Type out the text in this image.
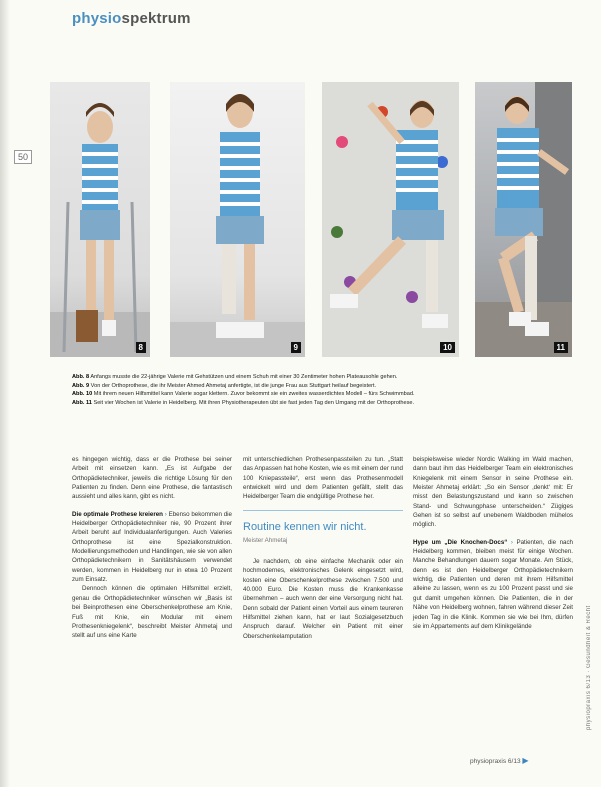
physiospektrum
50
8	9	10	11
Abb. 8 Anfangs musste die 22-jährige Valerie mit Gehstützen und einem Schuh mit einer 30 Zentimeter hohen Plateausohle gehen.
Abb. 9 Von der Orthoprothese, die ihr Meister Ahmed Ahmetaj anfertigte, ist die junge Frau aus Stuttgart heilauf begeistert.
Abb. 10 Mit ihrem neuen Hilfsmittel kann Valerie sogar klettern. Zuvor bekommt sie ein zweites wasserdichtes Modell – fürs Schwimmbad.
Abb. 11 Seit vier Wochen ist Valerie in Heidelberg. Mit ihren Physiotherapeuten übt sie fast jeden Tag den Umgang mit der Orthoprothese.

es hingegen wichtig, dass er die Prothese bei seiner Arbeit mit einsetzen kann. „Es ist Aufgabe der Orthopädietechniker, jeweils die richtige Lösung für den Patienten zu finden. Denn eine Prothese, die fantastisch aussieht und alles kann, gibt es nicht.

Die optimale Prothese kreieren › Ebenso bekommen die Heidelberger Orthopädietechniker nie, 90 Prozent ihrer Arbeit beruht auf Individualanfertigungen. Auch Valeries Orthoprothese ist eine Spezialkonstruktion. Modellierungsmethoden und Handlingen, wie sie von allen Orthopädietechnikern in Sanitätshäusern verwendet werden, kommen in Heidelberg nur in etwa 10 Prozent zum Einsatz.

Dennoch können die optimalen Hilfsmittel erzielt, genau die Orthopädietechniker wünschen wir „Basis ist bei Beinprothesen eine Oberschenkelprothese am Knie, Fuß mit Knie, ein Modular mit einem Prothesenkniegelenk“, beschreibt Meister Ahmetaj und stellt auf uns eine Karte

mit unterschiedlichen Prothesenpassteilen zu tun. „Statt das Anpassen hat hohe Kosten, wie es mit einem der rund 100 Kniepassteile“, erst wenn das Prothesenmodell entwickelt wird und dem Patienten gefällt, stellt das Heidelberger Team die endgültige Prothese her.

Routine kennen wir nicht.
Meister Ahmetaj

Je nachdem, ob eine einfache Mechanik oder ein hochmodernes, elektronisches Gelenk eingesetzt wird, kosten eine Oberschenkelprothese zwischen 7.500 und 40.000 Euro. Die Kosten muss die Krankenkasse übernehmen – auch wenn der eine Versorgung nicht hat. Denn sobald der Patient einen Vorteil aus einem teureren Hilfsmittel ziehen kann, hat er laut Sozialgesetzbuch Anspruch darauf. Welcher ein Patient mit einer Oberschenkelamputation

beispielsweise wieder Nordic Walking im Wald machen, dann baut ihm das Heidelberger Team ein elektronisches Kniegelenk mit einem Sensor in seine Prothese ein. Meister Ahmetaj erklärt: „So ein Sensor ‚denkt‘ mit: Er misst den Belastungszustand und kann so zwischen Stand- und Schwungphase unterscheiden.“ Zügiges Gehen ist so selbst auf unebenem Waldboden mühelos möglich.

Hype um „Die Knochen-Docs“ › Patienten, die nach Heidelberg kommen, bleiben meist für einige Wochen. Manche Behandlungen dauern sogar Monate. Am Stück, denn es ist den Heidelberger Orthopädietechnikern wichtig, die Patienten und deren mit ihrem Hilfsmittel alleine zu lassen, wenn es zu 100 Prozent passt und sie gut damit umgehen können. Die Patienten, die in der Nähe von Heidelberg wohnen, fahren während dieser Zeit jeden Tag in die Klinik. Kommen sie wie bei Ihm, dürfen sie im Appartements auf dem Klinikgelände	physiopraxis 6/13 · Gesundheit & Recht
physiopraxis 6/13 ▶
